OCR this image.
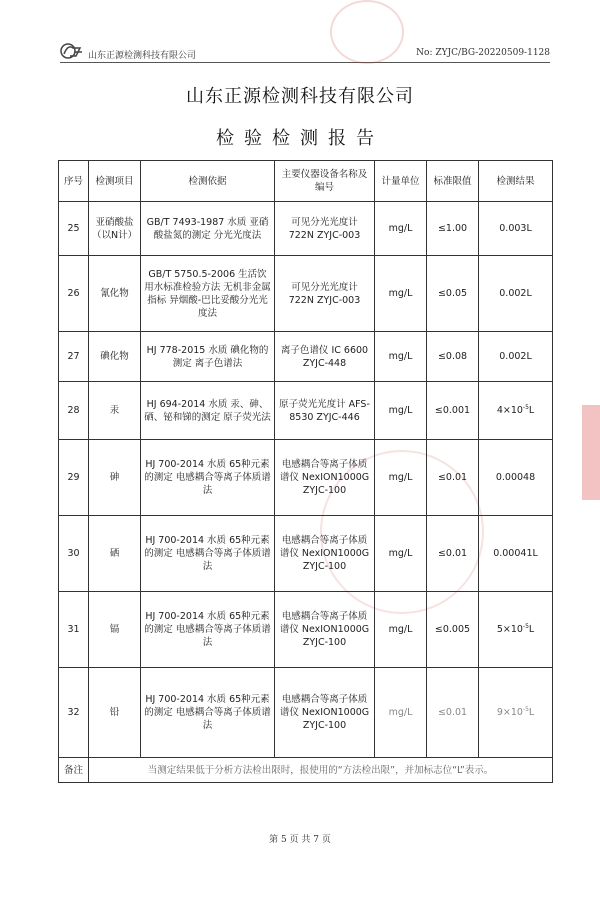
山东正源检测科技有限公司	No: ZYJC/BG-20220509-1128
山东正源检测科技有限公司
检验检测报告
序号	检测项目	检测依据	主要仪器设备名称及编号	计量单位	标准限值	检测结果
25	亚硝酸盐（以N计）	GB/T 7493-1987 水质 亚硝酸盐氮的测定 分光光度法	可见分光光度计 722N ZYJC-003	mg/L	≤1.00	0.003L
26	氰化物	GB/T 5750.5-2006 生活饮用水标准检验方法 无机非金属指标 异烟酸-巴比妥酸分光光度法	可见分光光度计 722N ZYJC-003	mg/L	≤0.05	0.002L
27	碘化物	HJ 778-2015 水质 碘化物的测定 离子色谱法	离子色谱仪 IC 6600 ZYJC-448	mg/L	≤0.08	0.002L
28	汞	HJ 694-2014 水质 汞、砷、硒、铋和锑的测定 原子荧光法	原子荧光光度计 AFS-8530 ZYJC-446	mg/L	≤0.001	$4\times 10^{-5}L$
29	砷	HJ 700-2014 水质 65种元素的测定 电感耦合等离子体质谱法	电感耦合等离子体质谱仪 NexION1000G ZYJC-100	mg/L	≤0.01	0.00048
30	硒	HJ 700-2014 水质 65种元素的测定 电感耦合等离子体质谱法	电感耦合等离子体质谱仪 NexION1000G ZYJC-100	mg/L	≤0.01	0.00041L
31	镉	HJ 700-2014 水质 65种元素的测定 电感耦合等离子体质谱法	电感耦合等离子体质谱仪 NexION1000G ZYJC-100	mg/L	≤0.005	$5\times 10^{-5}L$
32	铅	HJ 700-2014 水质 65种元素的测定 电感耦合等离子体质谱法	电感耦合等离子体质谱仪 NexION1000G ZYJC-100	mg/L	≤0.01	$9\times 10^{-5}L$
备注	当测定结果低于分析方法检出限时，报使用的“方法检出限”，并加标志位“L”表示。					
第 5 页 共 7 页
